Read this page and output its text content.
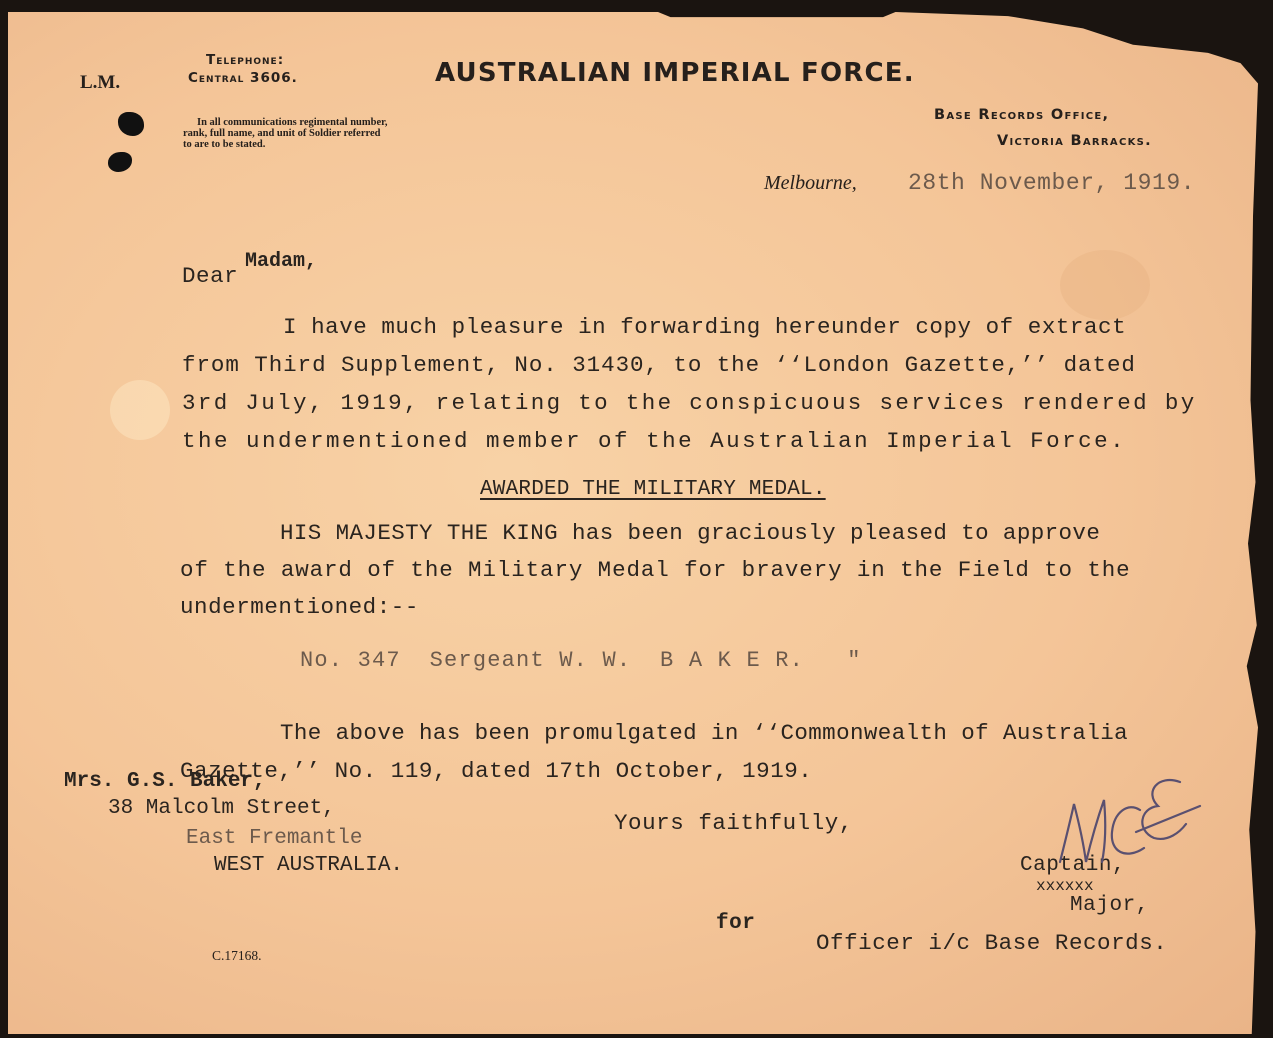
L.M.
Telephone:
Central 3606.

In all communications regimental number,
rank, full name, and unit of Soldier referred
to are to be stated.

AUSTRALIAN IMPERIAL FORCE.
Base Records Office,
Victoria Barracks.
Melbourne, 28th November, 1919.
Dear
Madam,
I have much pleasure in forwarding hereunder copy of extract
from Third Supplement, No. 31430, to the ‘‘London Gazette,’’ dated
3rd July, 1919, relating to the conspicuous services rendered by
the undermentioned member of the Australian Imperial Force.
AWARDED THE MILITARY MEDAL.
HIS MAJESTY THE KING has been graciously pleased to approve
of the award of the Military Medal for bravery in the Field to the
undermentioned:--
No. 347  Sergeant W. W.  B A K E R.   "
The above has been promulgated in ‘‘Commonwealth of Australia
Gazette,’’ No. 119, dated 17th October, 1919.
Yours faithfully,
Mrs. G.S. Baker,
38 Malcolm Street,
East Fremantle
WEST AUSTRALIA.	Captain,
xxxxxx
Major,
for
Officer i/c Base Records.
C.17168.
